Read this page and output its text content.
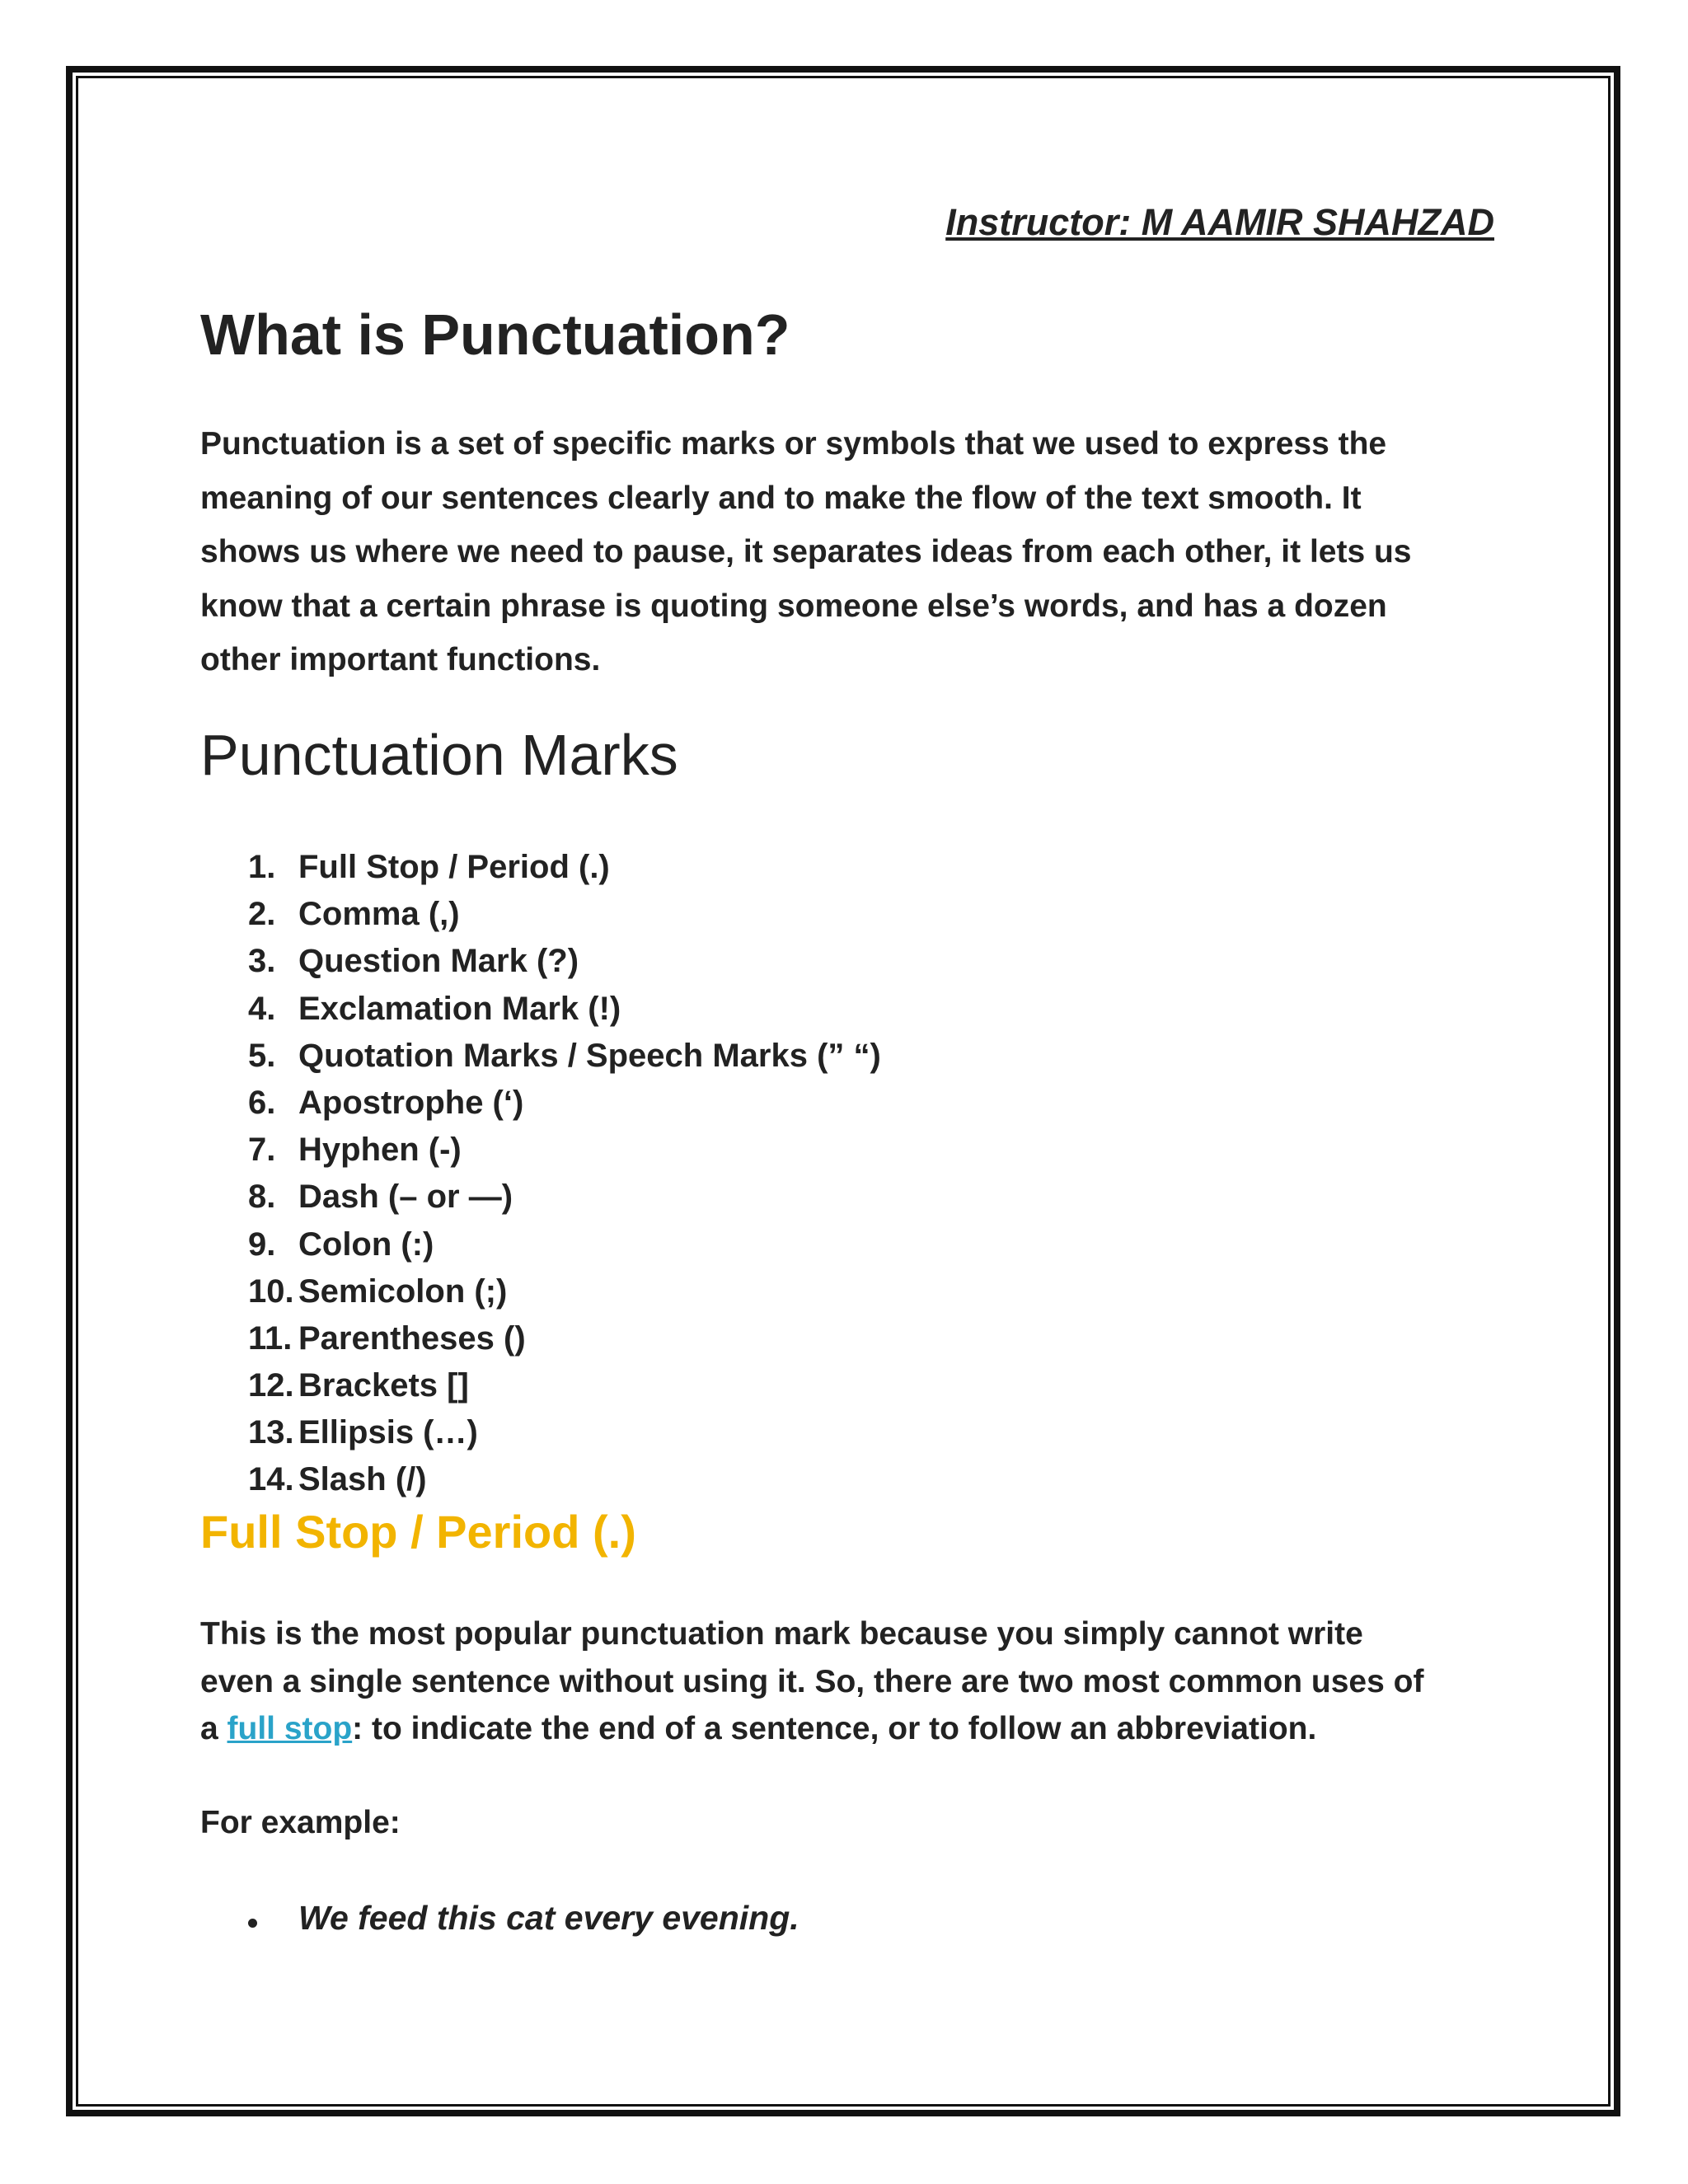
Instructor: M AAMIR SHAHZAD
What is Punctuation?
Punctuation is a set of specific marks or symbols that we used to express the
meaning of our sentences clearly and to make the flow of the text smooth. It
shows us where we need to pause, it separates ideas from each other, it lets us
know that a certain phrase is quoting someone else’s words, and has a dozen
other important functions.
Punctuation Marks
1. Full Stop / Period (.)
2. Comma (,)
3. Question Mark (?)
4. Exclamation Mark (!)
5. Quotation Marks / Speech Marks (” “)
6. Apostrophe (‘)
7. Hyphen (-)
8. Dash (– or —)
9. Colon (:)
10. Semicolon (;)
11. Parentheses ()
12. Brackets []
13. Ellipsis (…)
14. Slash (/)
Full Stop / Period (.)
This is the most popular punctuation mark because you simply cannot write
even a single sentence without using it. So, there are two most common uses of
a full stop: to indicate the end of a sentence, or to follow an abbreviation.
For example:
We feed this cat every evening.
